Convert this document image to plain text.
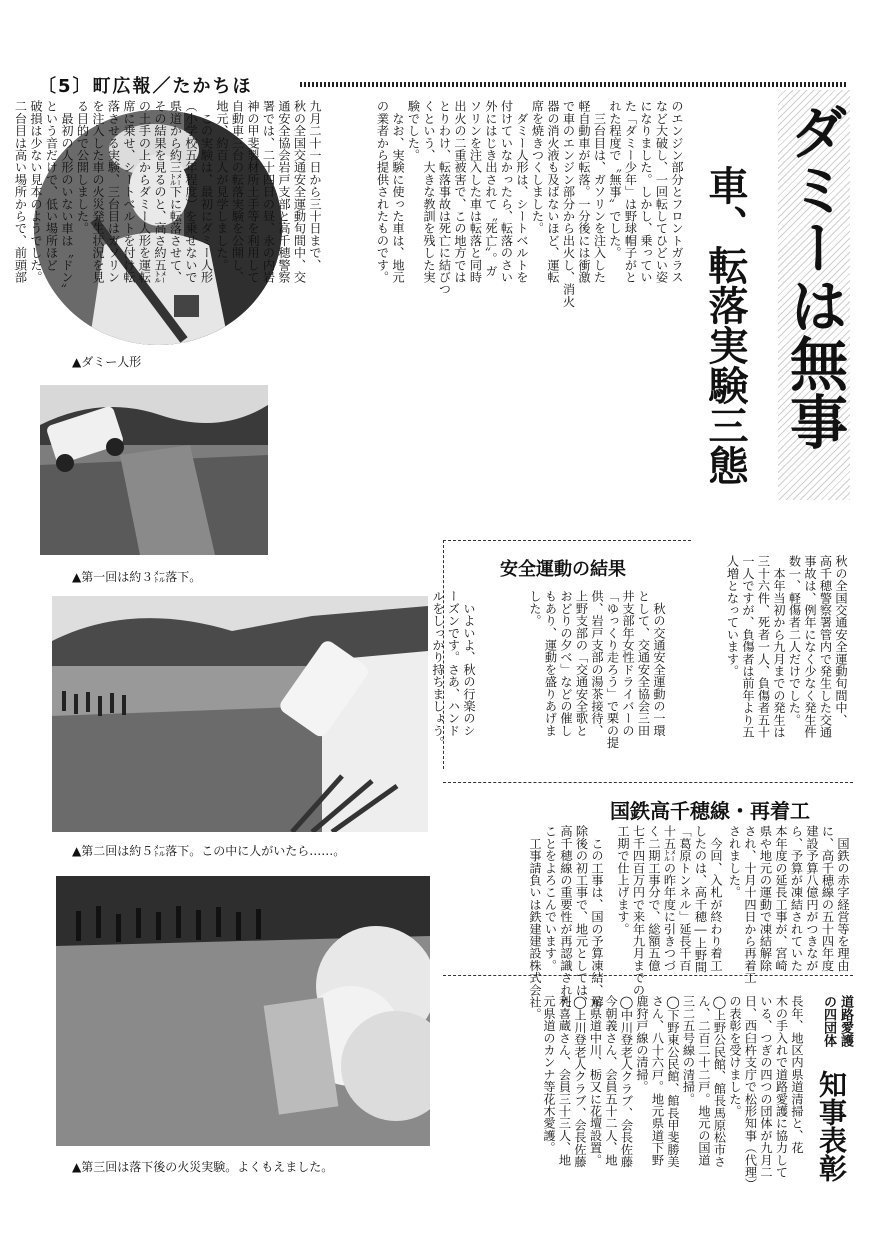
〔5〕町広報／たかちほ
▲ダミー人形
▲第一回は約３㍍落下。
▲第二回は約５㍍落下。この中に人がいたら……。
▲第三回は落下後の火災実験。よくもえました。
ダミーは無事
車、転落実験三態
九月二十一日から三十日まで、
秋の全国交通安全運動旬間中、交
通安全協会岩戸支部と高千穂警察
署では、二十四日の昼、永の内岩
神の甲斐製材所土手等を利用して
自動車三台の転落実験を公開し、
地元、約百人が見学しました。
　この実験は、最初にダミー人形
（小学校五年程度）を乗せないで
県道から約三㍍下に転落させて、
その結果を見るのと、高さ約五㍍
の土手の上からダミー人形を運転
席に乗せ、シートベルトを付け転
落させる実験、三台目はガソリン
を注入した車の火災発生状況を見
る目的で公開しました。
　最初の人形のいない車は〝ドン〟
という音だけで、低い場所ほど
破損は少ない見本のようでした。
二台目は高い場所からで、前頭部	のエンジン部分とフロントガラス
など大破し、一回転してひどい姿
になりました。しかし、乗ってい
た「ダミー少年」は野球帽子がと
れた程度で〝無事〟でした。
　三台目は、ガソリンを注入した
軽自動車が転落。一分後には衝激
で車のエンジン部分から出火し、消火
器の消火液も及ばないほど、運転
席を焼きつくしました。
　ダミー人形は、シートベルトを
付けていなかったら、転落のさい
外にはじき出されて〝死亡〟。ガ
ソリンを注入した車は転落と同時
出火の二重被害で、この地方では
とりわけ、転落事故は死亡に結びつ
くという、大きな教訓を残した実
験でした。
　なお、実験に使った車は、地元
の業者から提供されたものです。
秋の全国交通安全運動旬間中、
高千穂警察署管内で発生した交通
事故は、例年になく少なく発生件
数一、軽傷者二人だけでした。
　本年当初から九月までの発生は
三十六件、死者一人、負傷者五十
一人ですが、負傷者は前年より五
人増となっています。
安全運動の結果
　秋の交通安全運動の一環
として、交通安全協会三田
井支部年女性ドライバーの
「ゆっくり走ろう」で栗の提
供、岩戸支部の湯茶接待、
上野支部の「交通安全歌と
おどりの夕べ」などの催し
もあり、運動を盛りあげま
した。
　いよいよ、秋の行楽のシ
ーズンです。さあ、ハンド
ルをしっかり持ちましょう。
国鉄高千穂線・再着工
　国鉄の赤字経営等を理由
に、高千穂線の五十四年度
建設予算八億円がつきなが
ら、予算が凍結されていた
本年度の延長工事が、宮崎
県や地元の運動で凍結解除
され、十月十四日から再着工
されました。
　今回、入札が終わり着工
したのは、高千穂―上野間
「葛原トンネル」延長千百
十五㍍の昨年度に引きつづ
く二期工事分で、総額五億
七千四百万円で来年九月までの
工期で仕上げます。
　この工事は、国の予算凍結、解
除後の初工事で、地元としては、
高千穂線の重要性が再認識された
ことをよろこんでいます。
　工事請負いは鉄建建設株式会社。
道路愛護
の四団体
知事表彰
長年、地区内県道清掃と、花
木の手入れで道路愛護に協力して
いる、つぎの四つの団体が九月二
日、西臼杵支庁で松形知事（代理）
の表彰を受けました。
◯上野公民館、館長馬原松市さ
ん、二百二十二戸。地元の国道
三二五号線の清掃。
◯下野東公民館、館長甲斐勝美
さん、八十六戸。地元県道下野
鹿狩戸線の清掃。
◯中川登老人クラブ、会長佐藤
今朝義さん、会員五十二人、地
元県道中川、栃又に花壇設置。
◯上川登老人クラブ、会長佐藤
利喜蔵さん、会員三十三人、地
元県道のカンナ等花木愛護。
